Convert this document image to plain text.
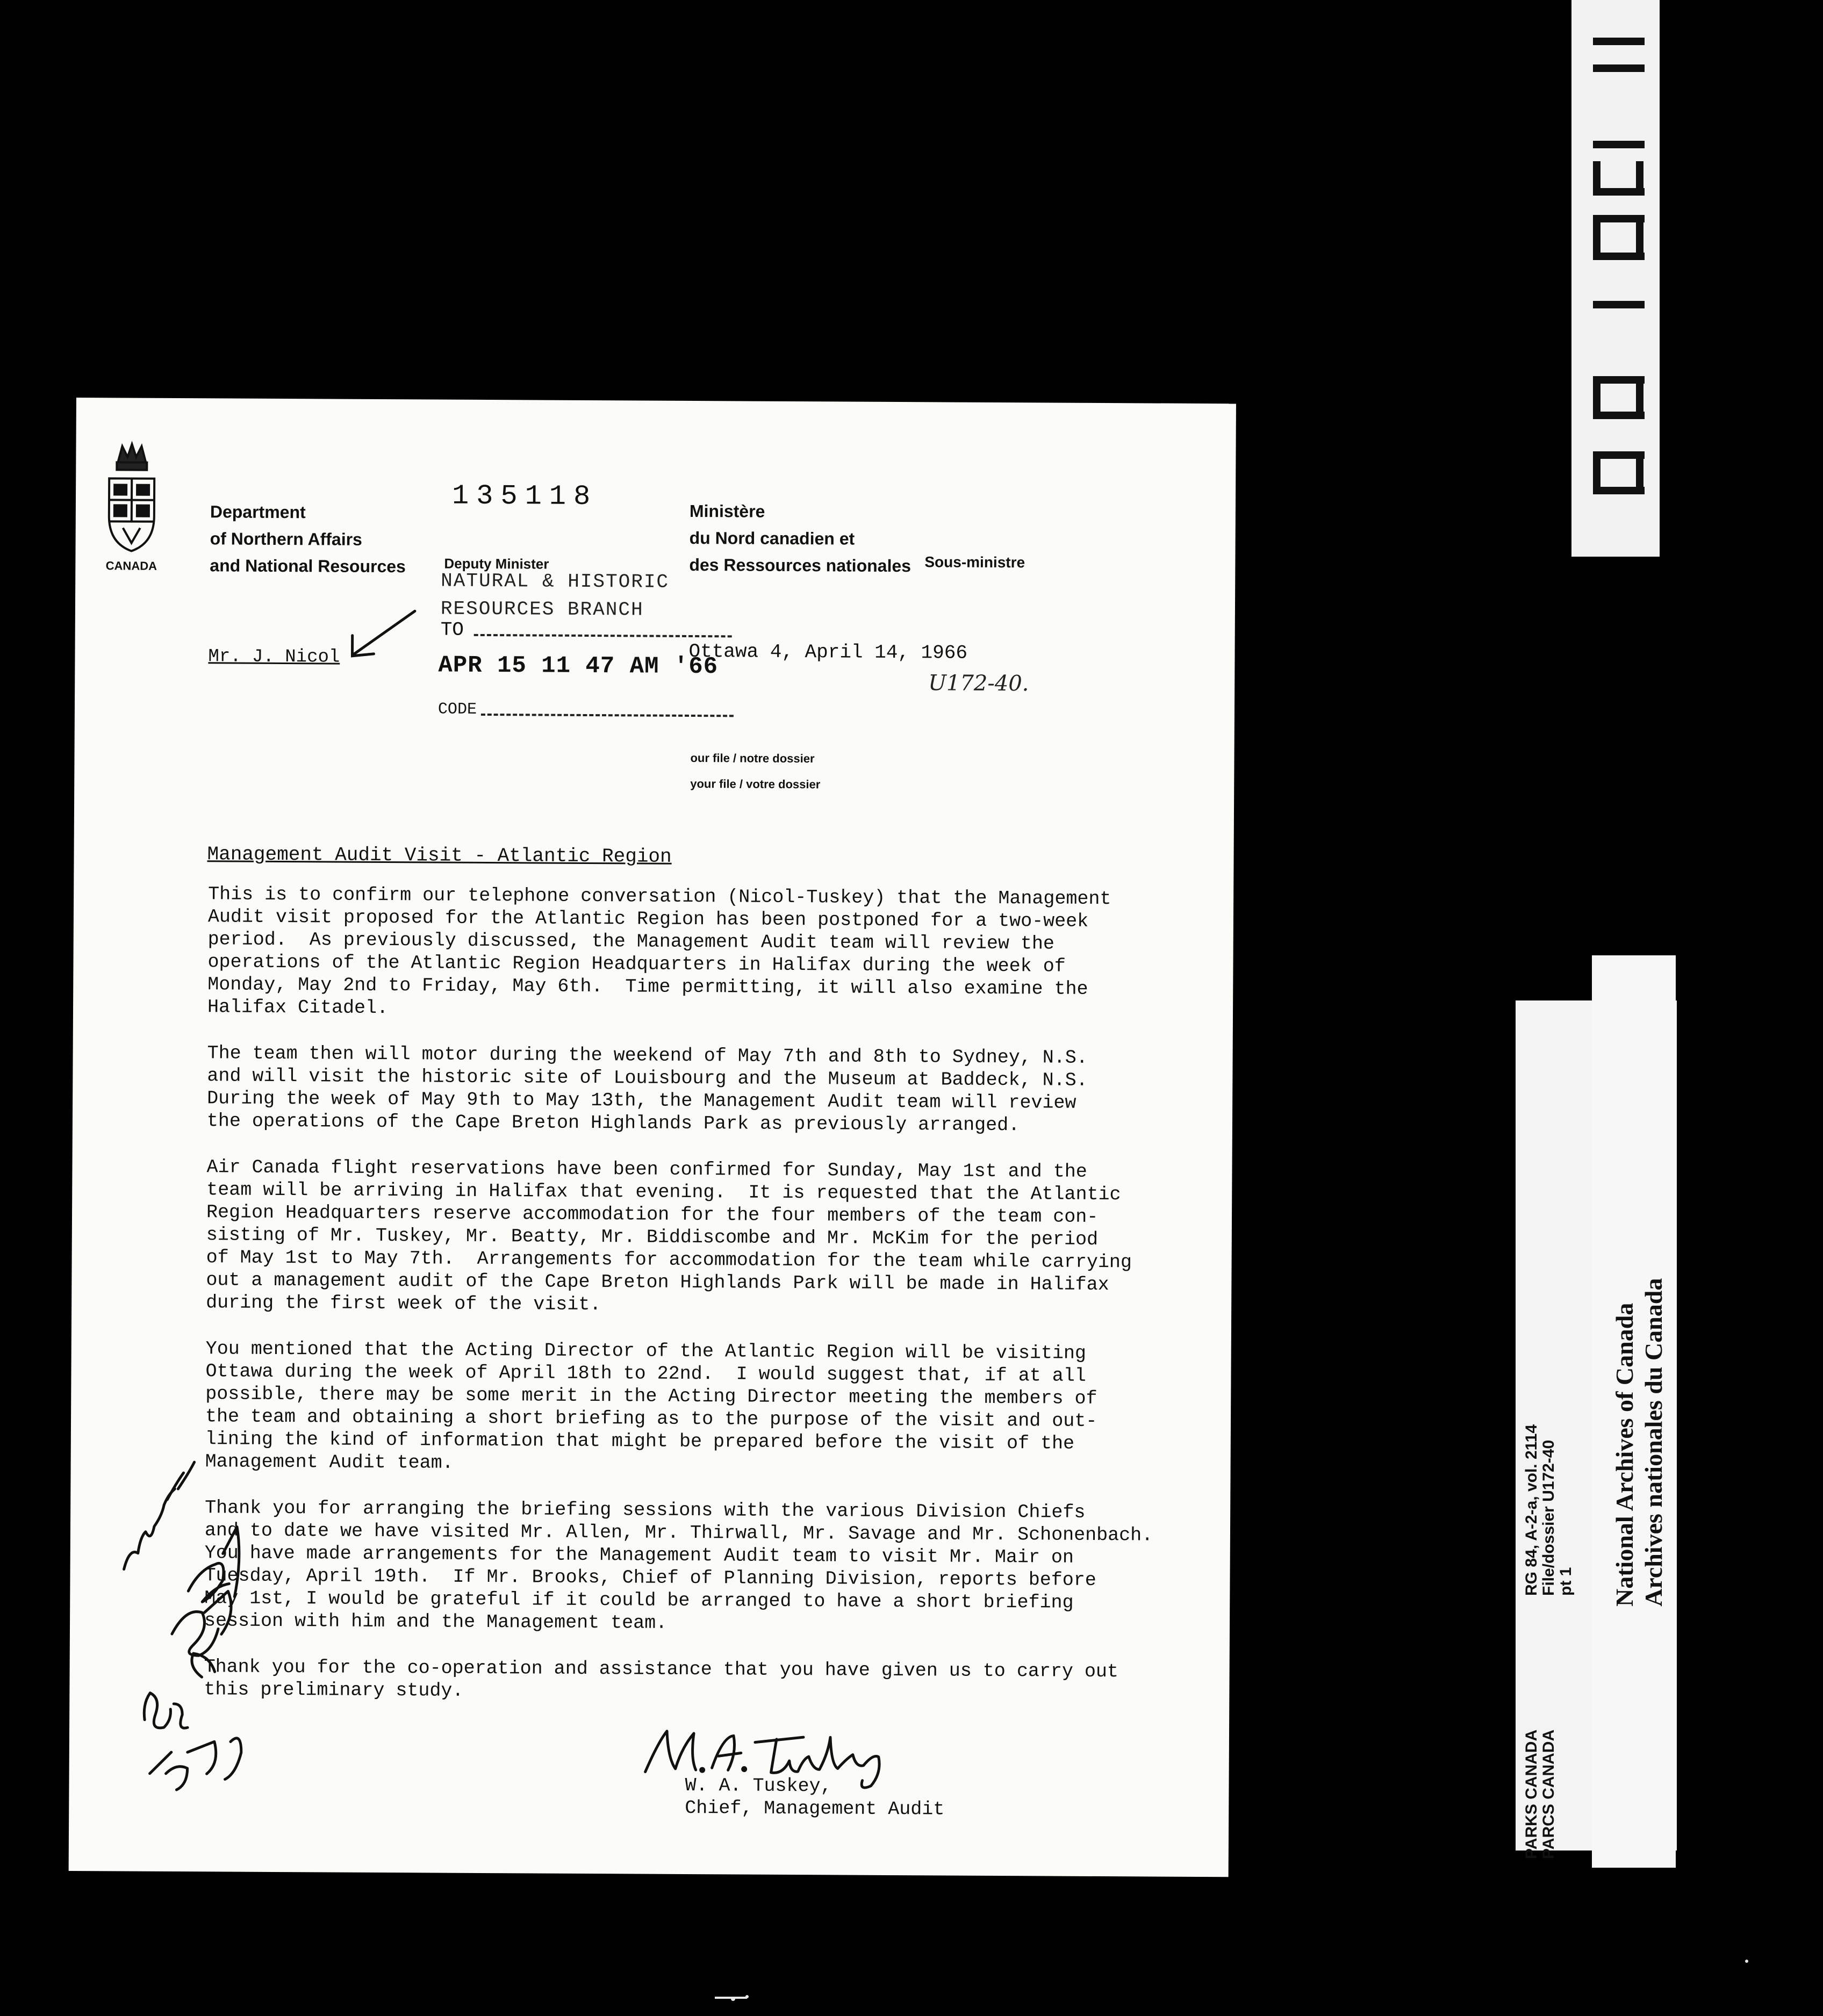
CANADA
Department
of Northern Affairs
and National Resources	Deputy Minister
Ministère
du Nord canadien et
des Ressources nationales Sous-ministre
135118
NATURAL & HISTORIC
RESOURCES BRANCH
TO
APR 15 11 47 AM '66
CODE
Mr. J. Nicol	Ottawa 4, April 14, 1966
U172-40.
our file / notre dossier
your file / votre dossier
Management Audit Visit - Atlantic Region

This is to confirm our telephone conversation (Nicol-Tuskey) that the Management
Audit visit proposed for the Atlantic Region has been postponed for a two-week
period.  As previously discussed, the Management Audit team will review the
operations of the Atlantic Region Headquarters in Halifax during the week of
Monday, May 2nd to Friday, May 6th.  Time permitting, it will also examine the
Halifax Citadel.

The team then will motor during the weekend of May 7th and 8th to Sydney, N.S.
and will visit the historic site of Louisbourg and the Museum at Baddeck, N.S.
During the week of May 9th to May 13th, the Management Audit team will review
the operations of the Cape Breton Highlands Park as previously arranged.

Air Canada flight reservations have been confirmed for Sunday, May 1st and the
team will be arriving in Halifax that evening.  It is requested that the Atlantic
Region Headquarters reserve accommodation for the four members of the team con-
sisting of Mr. Tuskey, Mr. Beatty, Mr. Biddiscombe and Mr. McKim for the period
of May 1st to May 7th.  Arrangements for accommodation for the team while carrying
out a management audit of the Cape Breton Highlands Park will be made in Halifax
during the first week of the visit.

You mentioned that the Acting Director of the Atlantic Region will be visiting
Ottawa during the week of April 18th to 22nd.  I would suggest that, if at all
possible, there may be some merit in the Acting Director meeting the members of
the team and obtaining a short briefing as to the purpose of the visit and out-
lining the kind of information that might be prepared before the visit of the
Management Audit team.

Thank you for arranging the briefing sessions with the various Division Chiefs
and to date we have visited Mr. Allen, Mr. Thirwall, Mr. Savage and Mr. Schonenbach.
You have made arrangements for the Management Audit team to visit Mr. Mair on
Tuesday, April 19th.  If Mr. Brooks, Chief of Planning Division, reports before
May 1st, I would be grateful if it could be arranged to have a short briefing
session with him and the Management team.

Thank you for the co-operation and assistance that you have given us to carry out
this preliminary study.

W. A. Tuskey,
Chief, Management Audit
RG 84, A-2-a, vol. 2114 File/dossier U172-40 pt 1
PARKS CANADA PARCS CANADA
National Archives of Canada Archives nationales du Canada
